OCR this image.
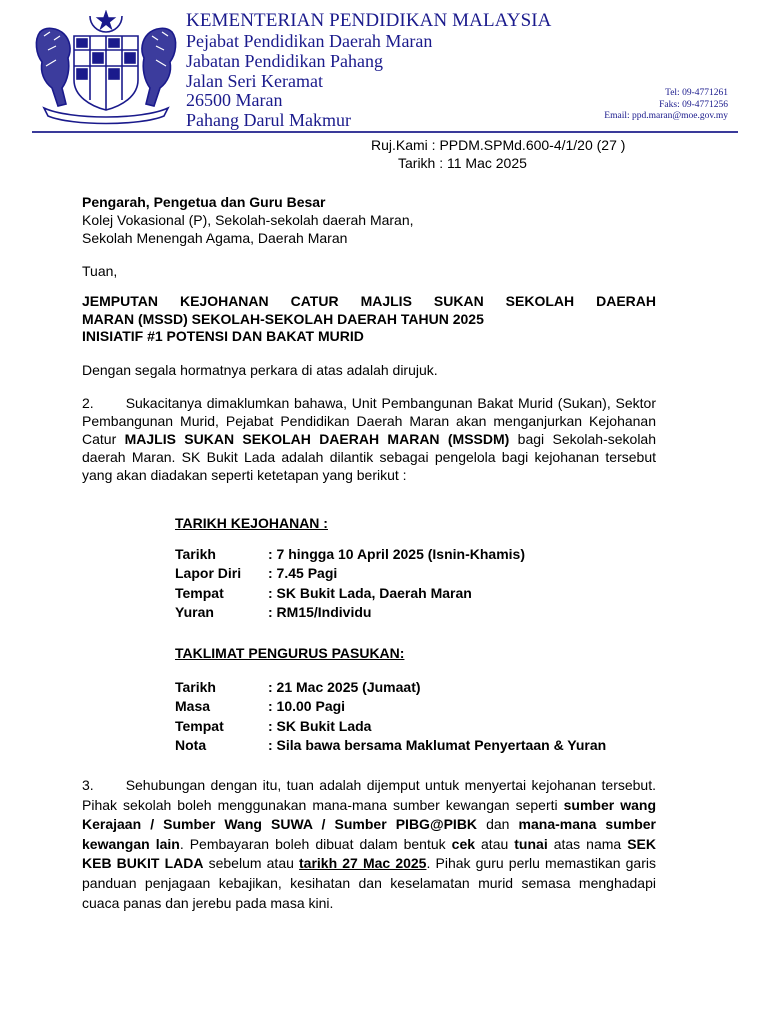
KEMENTERIAN PENDIDIKAN MALAYSIA
Pejabat Pendidikan Daerah Maran
Jabatan Pendidikan Pahang
Jalan Seri Keramat
26500 Maran
Pahang Darul Makmur
Tel: 09-4771261
Faks: 09-4771256
Email: ppd.maran@moe.gov.my
Ruj.Kami : PPDM.SPMd.600-4/1/20 (27 )
Tarikh : 11 Mac 2025
Pengarah, Pengetua dan Guru Besar
Kolej Vokasional (P), Sekolah-sekolah daerah Maran,
Sekolah Menengah Agama, Daerah Maran
Tuan,
JEMPUTAN KEJOHANAN CATUR MAJLIS SUKAN SEKOLAH DAERAH
MARAN (MSSD) SEKOLAH-SEKOLAH DAERAH TAHUN 2025
INISIATIF #1 POTENSI DAN BAKAT MURID
Dengan segala hormatnya perkara di atas adalah dirujuk.
2. Sukacitanya dimaklumkan bahawa, Unit Pembangunan Bakat Murid (Sukan), Sektor Pembangunan Murid, Pejabat Pendidikan Daerah Maran akan menganjurkan Kejohanan Catur MAJLIS SUKAN SEKOLAH DAERAH MARAN (MSSDM) bagi Sekolah-sekolah daerah Maran. SK Bukit Lada adalah dilantik sebagai pengelola bagi kejohanan tersebut yang akan diadakan seperti ketetapan yang berikut :
TARIKH KEJOHANAN :
Tarikh	: 7 hingga 10 April 2025 (Isnin-Khamis)
Lapor Diri	: 7.45 Pagi
Tempat	: SK Bukit Lada, Daerah Maran
Yuran	: RM15/Individu
TAKLIMAT PENGURUS PASUKAN:
Tarikh	: 21 Mac 2025 (Jumaat)
Masa	: 10.00 Pagi
Tempat	: SK Bukit Lada
Nota	: Sila bawa bersama Maklumat Penyertaan & Yuran
3. Sehubungan dengan itu, tuan adalah dijemput untuk menyertai kejohanan tersebut. Pihak sekolah boleh menggunakan mana-mana sumber kewangan seperti sumber wang Kerajaan / Sumber Wang SUWA / Sumber PIBG@PIBK dan mana-mana sumber kewangan lain. Pembayaran boleh dibuat dalam bentuk cek atau tunai atas nama SEK KEB BUKIT LADA sebelum atau tarikh 27 Mac 2025. Pihak guru perlu memastikan garis panduan penjagaan kebajikan, kesihatan dan keselamatan murid semasa menghadapi cuaca panas dan jerebu pada masa kini.
